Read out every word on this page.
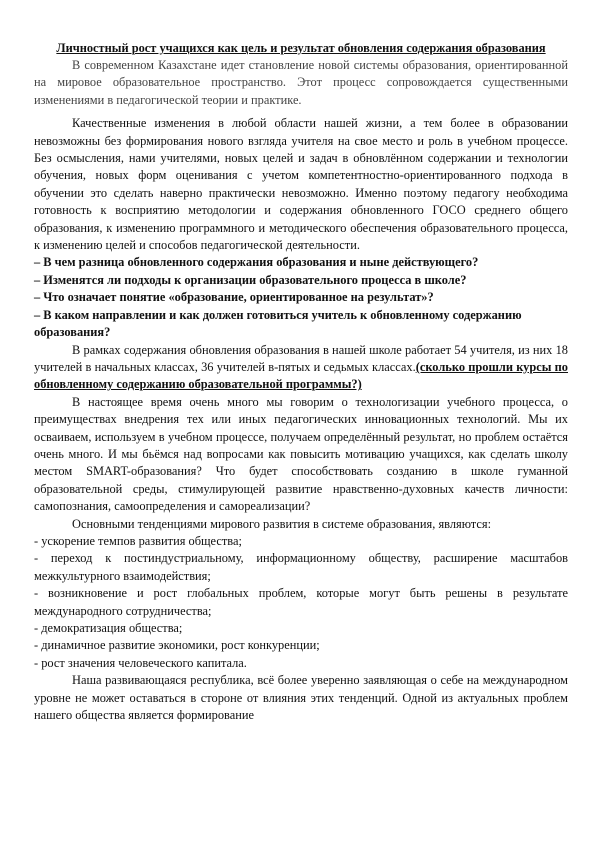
Личностный рост учащихся как цель и результат обновления содержания образования

В современном Казахстане идет становление новой системы образования, ориентированной на мировое образовательное пространство. Этот процесс сопровождается существенными изменениями в педагогической теории и практике.

Качественные изменения в любой области нашей жизни, а тем более в образовании невозможны без формирования нового взгляда учителя на свое место и роль в учебном процессе. Без осмысления, нами учителями, новых целей и задач в обновлённом содержании и технологии обучения, новых форм оценивания с учетом компетентностно-ориентированного подхода в обучении это сделать наверно практически невозможно. Именно поэтому педагогу необходима готовность к восприятию методологии и содержания обновленного ГОСО среднего общего образования, к изменению программного и методического обеспечения образовательного процесса, к изменению целей и способов педагогической деятельности.

– В чем разница обновленного содержания образования и ныне действующего?

– Изменятся ли подходы к организации образовательного процесса в школе?

– Что означает понятие «образование, ориентированное на результат»?

– В каком направлении и как должен готовиться учитель к обновленному содержанию образования?

В рамках содержания обновления образования в нашей школе работает 54 учителя, из них 18 учителей в начальных классах, 36 учителей в-пятых и седьмых классах.(сколько прошли курсы по обновленному содержанию образовательной программы?)

В настоящее время очень много мы говорим о технологизации учебного процесса, о преимуществах внедрения тех или иных педагогических инновационных технологий. Мы их осваиваем, используем в учебном процессе, получаем определённый результат, но проблем остаётся очень много. И мы бьёмся над вопросами как повысить мотивацию учащихся, как сделать школу местом SMART-образования? Что будет способствовать созданию в школе гуманной образовательной среды, стимулирующей развитие нравственно-духовных качеств личности: самопознания, самоопределения и самореализации?

Основными тенденциями мирового развития в системе образования, являются:

- ускорение темпов развития общества;

- переход к постиндустриальному, информационному обществу, расширение масштабов межкультурного взаимодействия;

- возникновение и рост глобальных проблем, которые могут быть решены в результате международного сотрудничества;

- демократизация общества;

- динамичное развитие экономики, рост конкуренции;

- рост значения человеческого капитала.

Наша развивающаяся республика, всё более уверенно заявляющая о себе на международном уровне не может оставаться в стороне от влияния этих тенденций. Одной из актуальных проблем нашего общества является формирование
